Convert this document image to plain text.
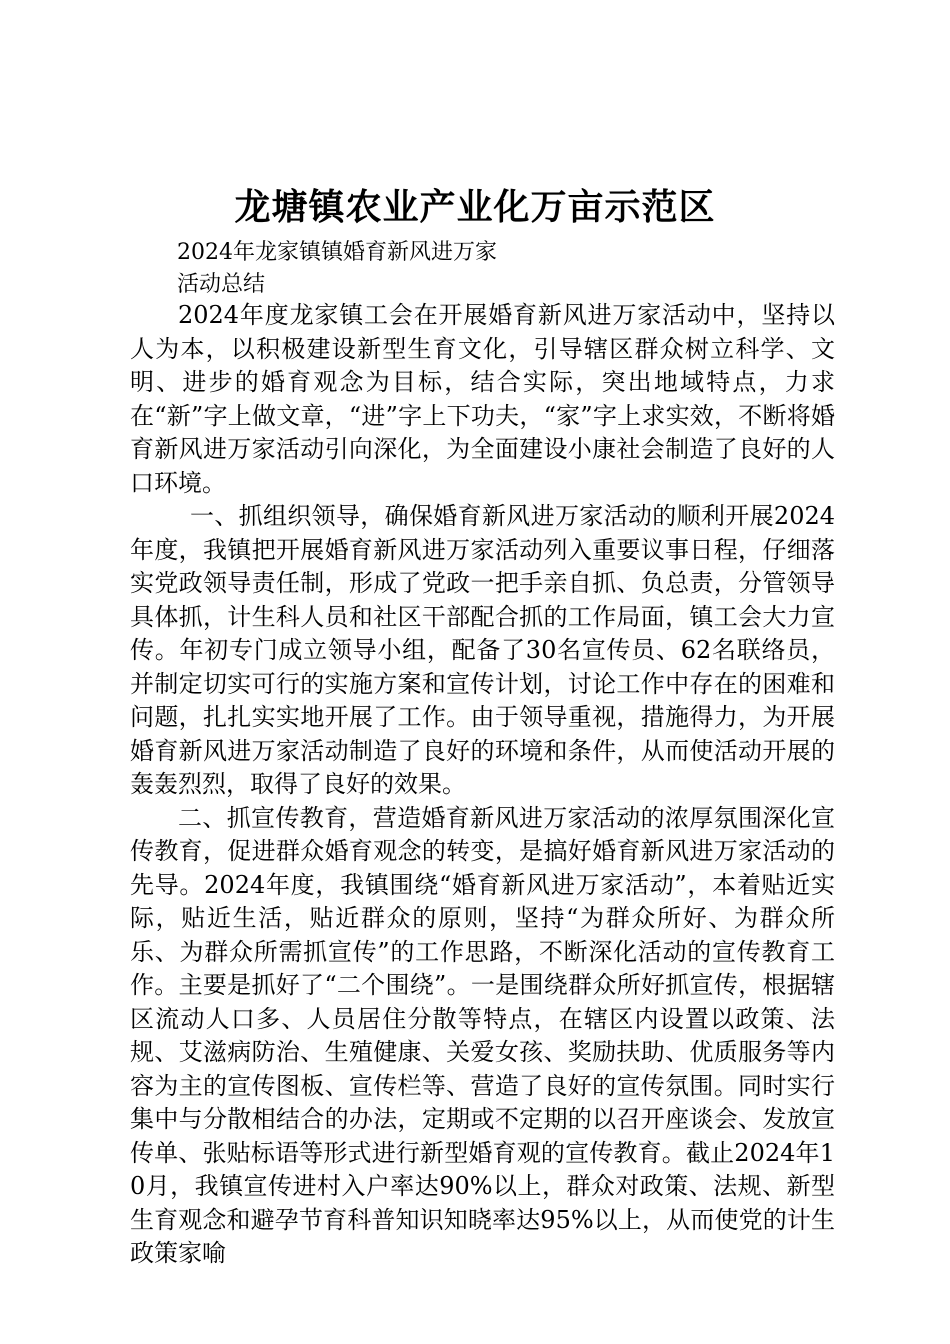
龙塘镇农业产业化万亩示范区
2024年龙家镇镇婚育新风进万家
活动总结

2024年度龙家镇工会在开展婚育新风进万家活动中，坚持以人为本，以积极建设新型生育文化，引导辖区群众树立科学、文明、进步的婚育观念为目标，结合实际，突出地域特点，力求在“新”字上做文章，“进”字上下功夫，“家”字上求实效，不断将婚育新风进万家活动引向深化，为全面建设小康社会制造了良好的人口环境。

一、抓组织领导，确保婚育新风进万家活动的顺利开展2024年度，我镇把开展婚育新风进万家活动列入重要议事日程，仔细落实党政领导责任制，形成了党政一把手亲自抓、负总责，分管领导具体抓，计生科人员和社区干部配合抓的工作局面，镇工会大力宣传。年初专门成立领导小组，配备了30名宣传员、62名联络员，并制定切实可行的实施方案和宣传计划，讨论工作中存在的困难和问题，扎扎实实地开展了工作。由于领导重视，措施得力，为开展婚育新风进万家活动制造了良好的环境和条件，从而使活动开展的轰轰烈烈，取得了良好的效果。

二、抓宣传教育，营造婚育新风进万家活动的浓厚氛围深化宣传教育，促进群众婚育观念的转变，是搞好婚育新风进万家活动的先导。2024年度，我镇围绕“婚育新风进万家活动”，本着贴近实际，贴近生活，贴近群众的原则，坚持“为群众所好、为群众所乐、为群众所需抓宣传”的工作思路，不断深化活动的宣传教育工作。主要是抓好了“二个围绕”。一是围绕群众所好抓宣传，根据辖区流动人口多、人员居住分散等特点，在辖区内设置以政策、法规、艾滋病防治、生殖健康、关爱女孩、奖励扶助、优质服务等内容为主的宣传图板、宣传栏等、营造了良好的宣传氛围。同时实行集中与分散相结合的办法，定期或不定期的以召开座谈会、发放宣传单、张贴标语等形式进行新型婚育观的宣传教育。截止2024年10月，我镇宣传进村入户率达90%以上，群众对政策、法规、新型生育观念和避孕节育科普知识知晓率达95%以上，从而使党的计生政策家喻
